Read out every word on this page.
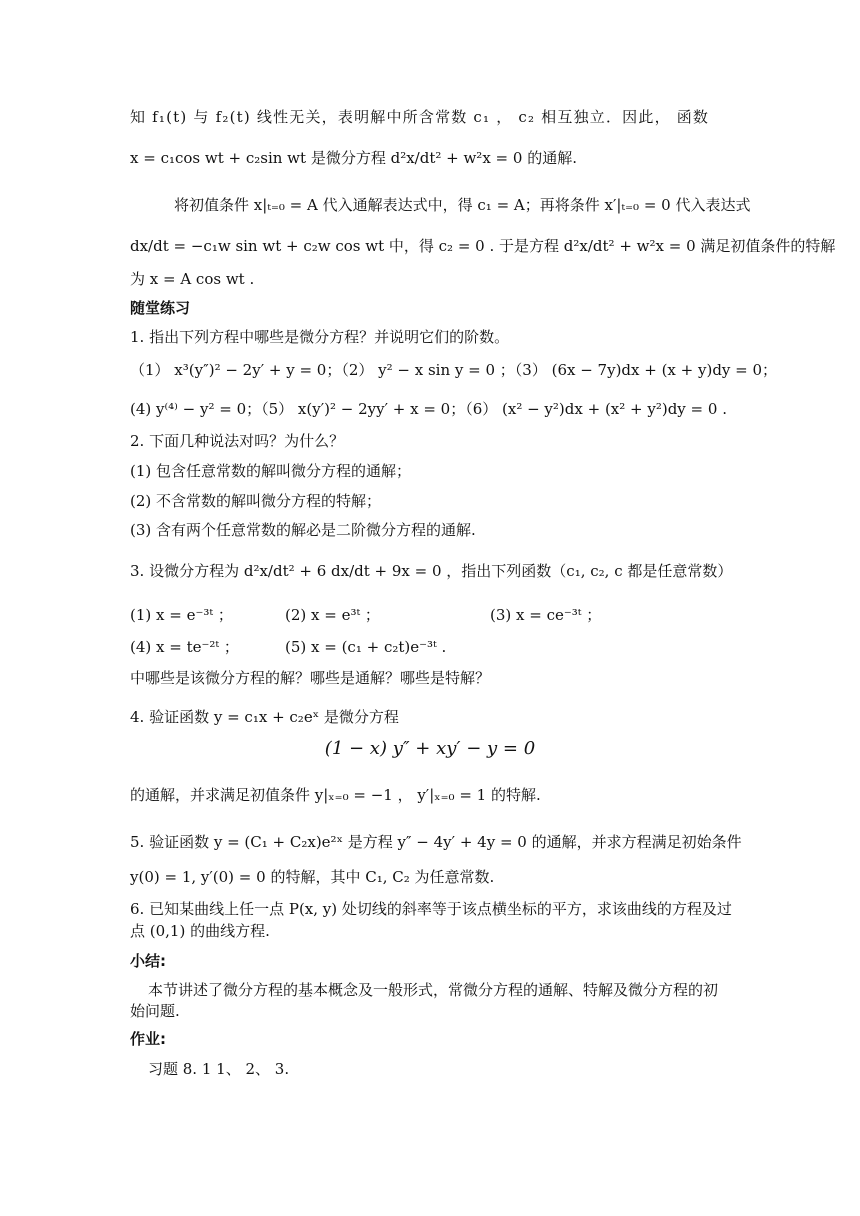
知 f₁(t) 与 f₂(t) 线性无关，表明解中所含常数 c₁ ， c₂ 相互独立．因此， 函数
x = c₁cos wt + c₂sin wt 是微分方程 d²x/dt² + w²x = 0 的通解.
将初值条件 x|ₜ₌₀ = A 代入通解表达式中，得 c₁ = A；再将条件 x′|ₜ₌₀ = 0 代入表达式
dx/dt = −c₁w sin wt + c₂w cos wt 中，得 c₂ = 0 . 于是方程 d²x/dt² + w²x = 0 满足初值条件的特解
为 x = A cos wt .
随堂练习
1. 指出下列方程中哪些是微分方程？并说明它们的阶数。
（1） x³(y″)² − 2y′ + y = 0；（2） y² − x sin y = 0 ；（3） (6x − 7y)dx + (x + y)dy = 0；
(4) y⁽⁴⁾ − y² = 0；（5） x(y′)² − 2yy′ + x = 0；（6） (x² − y²)dx + (x² + y²)dy = 0 .
2. 下面几种说法对吗？为什么？
(1) 包含任意常数的解叫微分方程的通解；
(2) 不含常数的解叫微分方程的特解；
(3) 含有两个任意常数的解必是二阶微分方程的通解.
3. 设微分方程为 d²x/dt² + 6 dx/dt + 9x = 0 ，指出下列函数（c₁, c₂, c 都是任意常数）
(1) x = e⁻³ᵗ ；	(2) x = e³ᵗ ；	(3) x = ce⁻³ᵗ ；
(4) x = te⁻²ᵗ ；	(5) x = (c₁ + c₂t)e⁻³ᵗ .
中哪些是该微分方程的解？哪些是通解？哪些是特解？
4. 验证函数 y = c₁x + c₂eˣ 是微分方程
(1 − x) y″ + xy′ − y = 0
的通解，并求满足初值条件 y|ₓ₌₀ = −1 ， y′|ₓ₌₀ = 1 的特解.
5. 验证函数 y = (C₁ + C₂x)e²ˣ 是方程 y″ − 4y′ + 4y = 0 的通解，并求方程满足初始条件
y(0) = 1, y′(0) = 0 的特解，其中 C₁, C₂ 为任意常数.
6. 已知某曲线上任一点 P(x, y) 处切线的斜率等于该点横坐标的平方，求该曲线的方程及过
点 (0,1) 的曲线方程.
小结:
本节讲述了微分方程的基本概念及一般形式，常微分方程的通解、特解及微分方程的初
始问题.
作业:
习题 8. 1 1、 2、 3.
